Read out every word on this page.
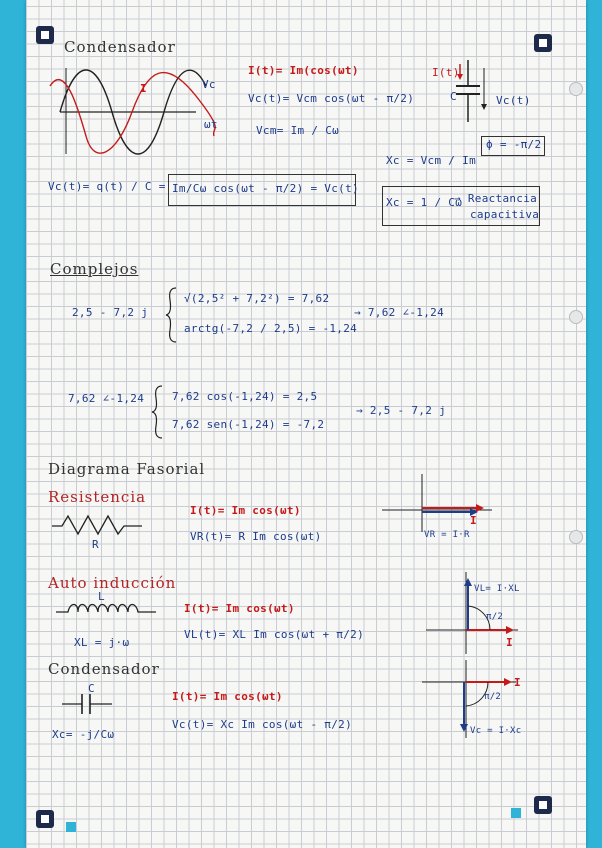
Condensador
Vc
I
ωt
I(t)= Im(cos(ωt)
Vc(t)= Vcm cos(ωt - π/2)
Vcm= Im / Cω
I(t)
C	Vc(t)
ϕ = -π/2
Xc = Vcm / Im
Vc(t)= q(t) / C = Im/Cω cos(ωt - π/2) = Vc(t)
Xc = 1 / Cω
→ Reactancia
capacitiva
Complejos
2,5 - 7,2 j
√(2,5² + 7,2²) = 7,62
arctg(-7,2 / 2,5) = -1,24
→ 7,62 ∠-1,24
7,62 ∠-1,24	7,62 cos(-1,24) = 2,5
7,62 sen(-1,24) = -7,2
→ 2,5 - 7,2 j
Diagrama Fasorial
Resistencia
R
I(t)= Im cos(ωt)
VR(t)= R Im cos(ωt)
I
VR = I·R
Auto inducción
L
XL = j·ω
I(t)= Im cos(ωt)
VL(t)= XL Im cos(ωt + π/2)
VL= I·XL
π/2
I
Condensador
C
Xc= -j/Cω
I(t)= Im cos(ωt)
Vc(t)= Xc Im cos(ωt - π/2)
I
π/2
Vc = I·Xc
